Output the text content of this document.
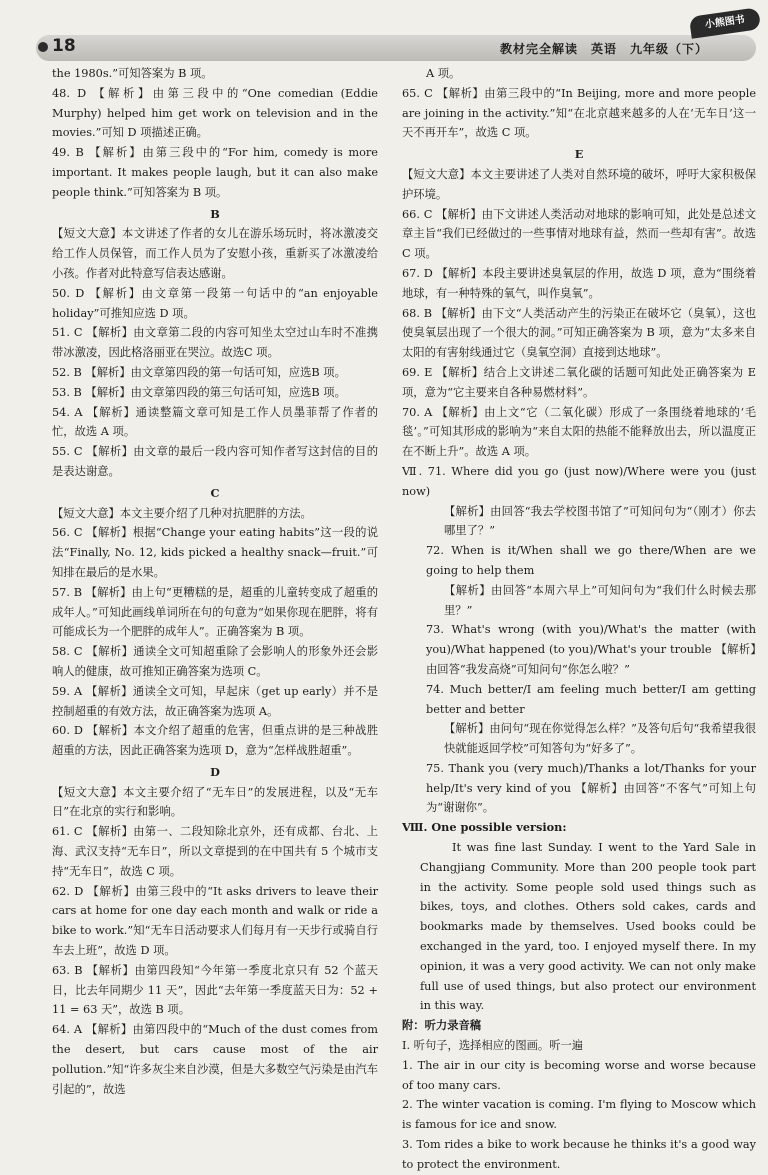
18	教材完全解读　英语　九年级（下）
小熊图书

the 1980s.”可知答案为 B 项。

48. D 【解析】由第三段中的“One comedian (Eddie Murphy) helped him get work on television and in the movies.”可知 D 项描述正确。

49. B 【解析】由第三段中的“For him, comedy is more important. It makes people laugh, but it can also make people think.”可知答案为 B 项。

B

【短文大意】本文讲述了作者的女儿在游乐场玩时，将冰激凌交给工作人员保管，而工作人员为了安慰小孩，重新买了冰激凌给小孩。作者对此特意写信表达感谢。

50. D 【解析】由文章第一段第一句话中的“an enjoyable holiday”可推知应选 D 项。

51. C 【解析】由文章第二段的内容可知坐太空过山车时不准携带冰激凌，因此格洛丽亚在哭泣。故选C 项。

52. B 【解析】由文章第四段的第一句话可知，应选B 项。

53. B 【解析】由文章第四段的第三句话可知，应选B 项。

54. A 【解析】通读整篇文章可知是工作人员墨菲帮了作者的忙，故选 A 项。

55. C 【解析】由文章的最后一段内容可知作者写这封信的目的是表达谢意。

C

【短文大意】本文主要介绍了几种对抗肥胖的方法。

56. C 【解析】根据“Change your eating habits”这一段的说法“Finally, No. 12, kids picked a healthy snack—fruit.”可知排在最后的是水果。

57. B 【解析】由上句“更糟糕的是，超重的儿童转变成了超重的成年人。”可知此画线单词所在句的句意为“如果你现在肥胖，将有可能成长为一个肥胖的成年人”。正确答案为 B 项。

58. C 【解析】通读全文可知超重除了会影响人的形象外还会影响人的健康，故可推知正确答案为选项 C。

59. A 【解析】通读全文可知，早起床（get up early）并不是控制超重的有效方法，故正确答案为选项 A。

60. D 【解析】本文介绍了超重的危害，但重点讲的是三种战胜超重的方法，因此正确答案为选项 D，意为“怎样战胜超重”。

D

【短文大意】本文主要介绍了“无车日”的发展进程，以及“无车日”在北京的实行和影响。

61. C 【解析】由第一、二段知除北京外，还有成都、台北、上海、武汉支持“无车日”，所以文章提到的在中国共有 5 个城市支持“无车日”，故选 C 项。

62. D 【解析】由第三段中的“It asks drivers to leave their cars at home for one day each month and walk or ride a bike to work.”知“无车日活动要求人们每月有一天步行或骑自行车去上班”，故选 D 项。

63. B 【解析】由第四段知“今年第一季度北京只有 52 个蓝天日，比去年同期少 11 天”，因此“去年第一季度蓝天日为：52 + 11 = 63 天”，故选 B 项。

64. A 【解析】由第四段中的“Much of the dust comes from the desert, but cars cause most of the air pollution.”知“许多灰尘来自沙漠，但是大多数空气污染是由汽车引起的”，故选

A 项。

65. C 【解析】由第三段中的“In Beijing, more and more people are joining in the activity.”知“在北京越来越多的人在‘无车日’这一天不再开车”，故选 C 项。

E

【短文大意】本文主要讲述了人类对自然环境的破坏，呼吁大家积极保护环境。

66. C 【解析】由下文讲述人类活动对地球的影响可知，此处是总述文章主旨“我们已经做过的一些事情对地球有益，然而一些却有害”。故选 C 项。

67. D 【解析】本段主要讲述臭氧层的作用，故选 D 项，意为“围绕着地球，有一种特殊的氧气，叫作臭氧”。

68. B 【解析】由下文“人类活动产生的污染正在破坏它（臭氧），这也使臭氧层出现了一个很大的洞。”可知正确答案为 B 项，意为“太多来自太阳的有害射线通过它（臭氧空洞）直接到达地球”。

69. E 【解析】结合上文讲述二氧化碳的话题可知此处正确答案为 E 项，意为“它主要来自各种易燃材料”。

70. A 【解析】由上文“它（二氧化碳）形成了一条围绕着地球的‘毛毯’。”可知其形成的影响为“来自太阳的热能不能释放出去，所以温度正在不断上升”。故选 A 项。

Ⅶ. 71. Where did you go (just now)/Where were you (just now)

【解析】由回答“我去学校图书馆了”可知问句为“（刚才）你去哪里了？”

72. When is it/When shall we go there/When are we going to help them

【解析】由回答“本周六早上”可知问句为“我们什么时候去那里？”

73. What's wrong (with you)/What's the matter (with you)/What happened (to you)/What's your trouble 【解析】由回答“我发高烧”可知问句“你怎么啦？”

74. Much better/I am feeling much better/I am getting better and better

【解析】由问句“现在你觉得怎么样？”及答句后句“我希望我很快就能返回学校”可知答句为“好多了”。

75. Thank you (very much)/Thanks a lot/Thanks for your help/It's very kind of you 【解析】由回答“不客气”可知上句为“谢谢你”。

Ⅷ. One possible version:

It was fine last Sunday. I went to the Yard Sale in Changjiang Community. More than 200 people took part in the activity. Some people sold used things such as bikes, toys, and clothes. Others sold cakes, cards and bookmarks made by themselves. Used books could be exchanged in the yard, too. I enjoyed myself there. In my opinion, it was a very good activity. We can not only make full use of used things, but also protect our environment in this way.

附：听力录音稿

Ⅰ. 听句子，选择相应的图画。听一遍

1. The air in our city is becoming worse and worse because of too many cars.

2. The winter vacation is coming. I'm flying to Moscow which is famous for ice and snow.

3. Tom rides a bike to work because he thinks it's a good way to protect the environment.
